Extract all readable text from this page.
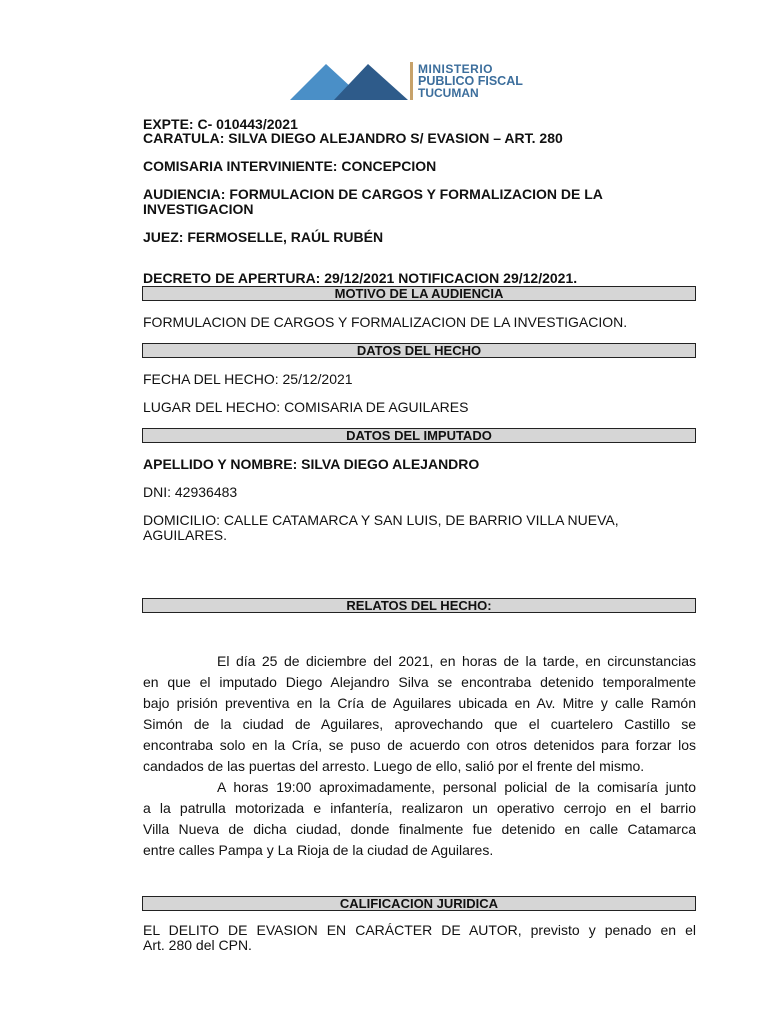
MINISTERIO
PUBLICO FISCAL
TUCUMAN
EXPTE: C- 010443/2021
CARATULA: SILVA DIEGO ALEJANDRO S/ EVASION – ART. 280
COMISARIA INTERVINIENTE: CONCEPCION
AUDIENCIA: FORMULACION DE CARGOS Y FORMALIZACION DE LA
INVESTIGACION
JUEZ: FERMOSELLE, RAÚL RUBÉN
DECRETO DE APERTURA: 29/12/2021 NOTIFICACION 29/12/2021.
MOTIVO DE LA AUDIENCIA
FORMULACION DE CARGOS Y FORMALIZACION DE LA INVESTIGACION.
DATOS DEL HECHO
FECHA DEL HECHO: 25/12/2021
LUGAR DEL HECHO: COMISARIA DE AGUILARES
DATOS DEL IMPUTADO
APELLIDO Y NOMBRE: SILVA DIEGO ALEJANDRO
DNI: 42936483
DOMICILIO: CALLE CATAMARCA Y SAN LUIS, DE BARRIO VILLA NUEVA,
AGUILARES.
RELATOS DEL HECHO:
El día 25 de diciembre del 2021, en horas de la tarde, en circunstancias
en que el imputado Diego Alejandro Silva se encontraba detenido temporalmente
bajo prisión preventiva en la Cría de Aguilares ubicada en Av. Mitre y calle Ramón
Simón de la ciudad de Aguilares, aprovechando que el cuartelero Castillo se
encontraba solo en la Cría, se puso de acuerdo con otros detenidos para forzar los
candados de las puertas del arresto. Luego de ello, salió por el frente del mismo.
A horas 19:00 aproximadamente, personal policial de la comisaría junto
a la patrulla motorizada e infantería, realizaron un operativo cerrojo en el barrio
Villa Nueva de dicha ciudad, donde finalmente fue detenido en calle Catamarca
entre calles Pampa y La Rioja de la ciudad de Aguilares.
CALIFICACION JURIDICA
EL DELITO DE EVASION EN CARÁCTER DE AUTOR, previsto y penado en el
Art. 280 del CPN.
